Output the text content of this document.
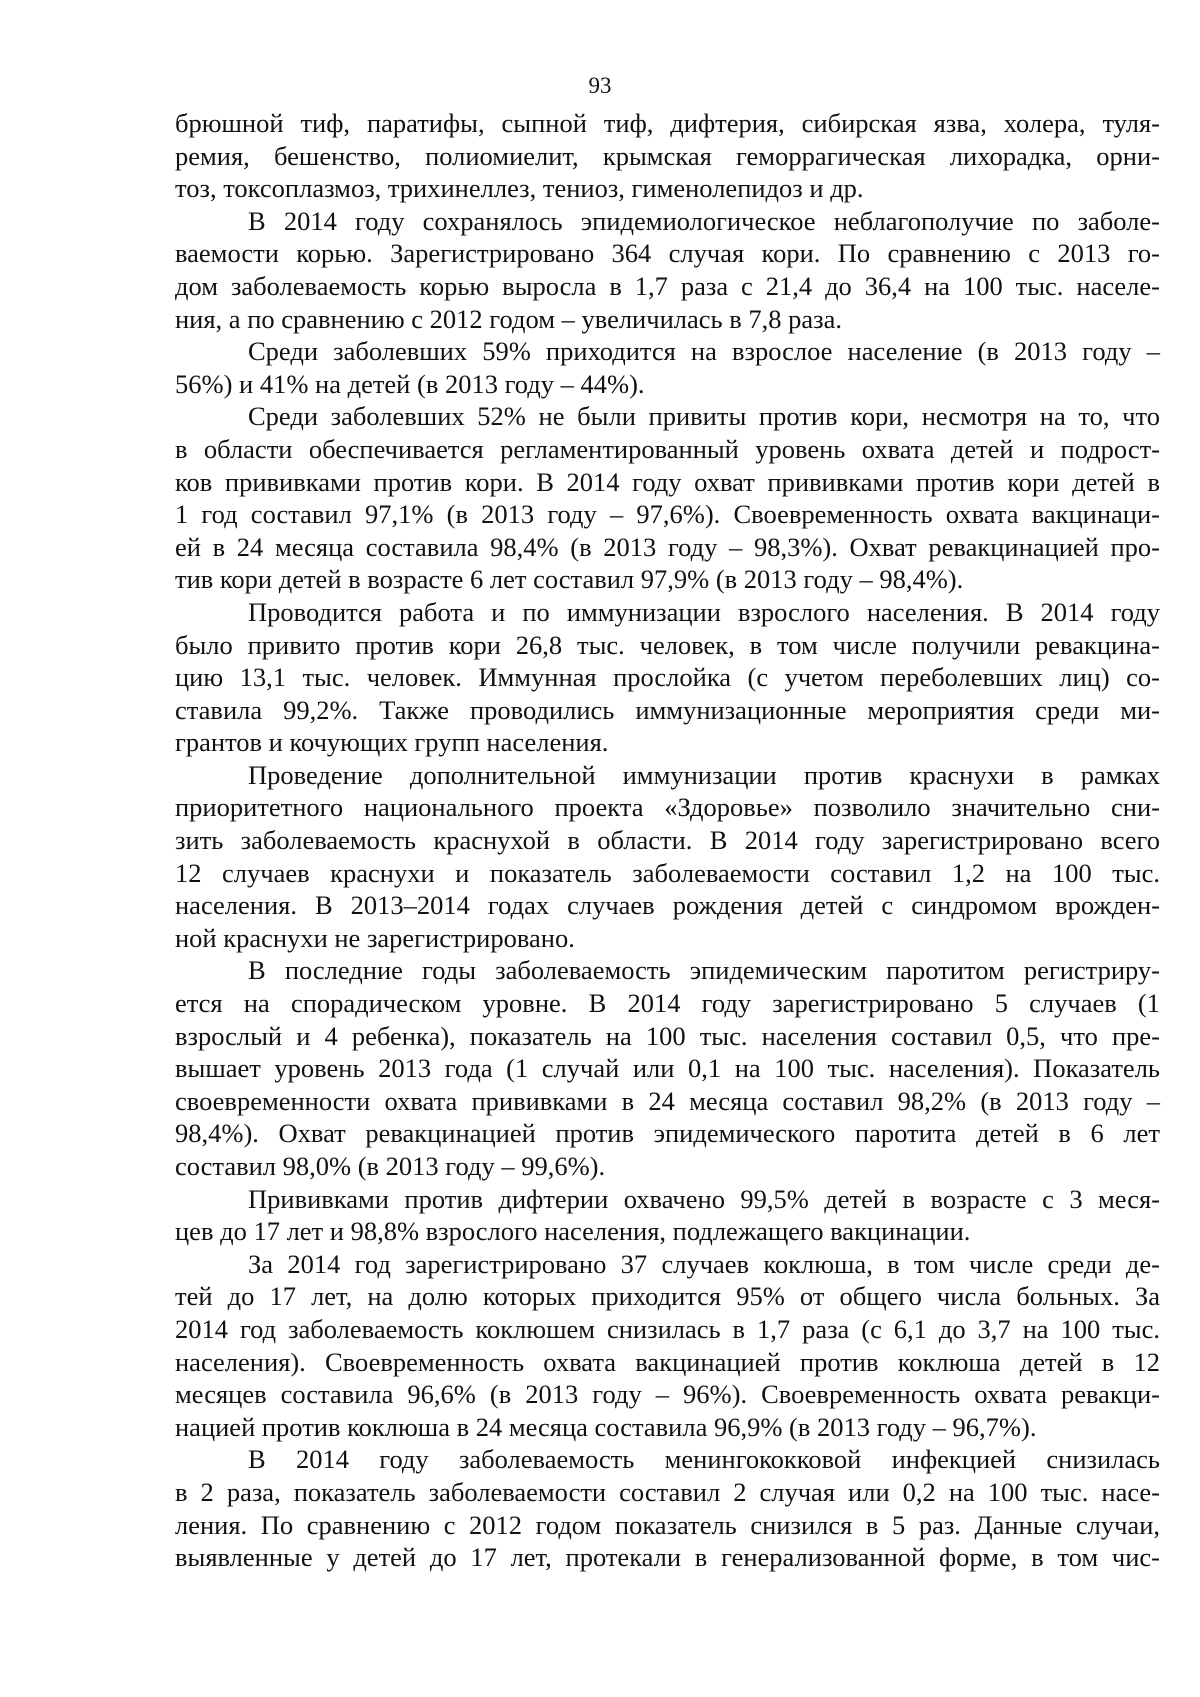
93
брюшной тиф, паратифы, сыпной тиф, дифтерия, сибирская язва, холера, туля-
ремия, бешенство, полиомиелит, крымская геморрагическая лихорадка, орни-
тоз, токсоплазмоз, трихинеллез, тениоз, гименолепидоз и др.
В 2014 году сохранялось эпидемиологическое неблагополучие по заболе-
ваемости корью. Зарегистрировано 364 случая кори. По сравнению с 2013 го-
дом заболеваемость корью выросла в 1,7 раза с 21,4 до 36,4 на 100 тыс. населе-
ния, а по сравнению с 2012 годом – увеличилась в 7,8 раза.
Среди заболевших 59% приходится на взрослое население (в 2013 году –
56%) и 41% на детей (в 2013 году – 44%).
Среди заболевших 52% не были привиты против кори, несмотря на то, что
в области обеспечивается регламентированный уровень охвата детей и подрост-
ков прививками против кори. В 2014 году охват прививками против кори детей в
1 год составил 97,1% (в 2013 году – 97,6%). Своевременность охвата вакцинаци-
ей в 24 месяца составила 98,4% (в 2013 году – 98,3%). Охват ревакцинацией про-
тив кори детей в возрасте 6 лет составил 97,9% (в 2013 году – 98,4%).
Проводится работа и по иммунизации взрослого населения. В 2014 году
было привито против кори 26,8 тыс. человек, в том числе получили ревакцина-
цию 13,1 тыс. человек. Иммунная прослойка (с учетом переболевших лиц) со-
ставила 99,2%. Также проводились иммунизационные мероприятия среди ми-
грантов и кочующих групп населения.
Проведение дополнительной иммунизации против краснухи в рамках
приоритетного национального проекта «Здоровье» позволило значительно сни-
зить заболеваемость краснухой в области. В 2014 году зарегистрировано всего
12 случаев краснухи и показатель заболеваемости составил 1,2 на 100 тыс.
населения. В 2013–2014 годах случаев рождения детей с синдромом врожден-
ной краснухи не зарегистрировано.
В последние годы заболеваемость эпидемическим паротитом регистриру-
ется на спорадическом уровне. В 2014 году зарегистрировано 5 случаев (1
взрослый и 4 ребенка), показатель на 100 тыс. населения составил 0,5, что пре-
вышает уровень 2013 года (1 случай или 0,1 на 100 тыс. населения). Показатель
своевременности охвата прививками в 24 месяца составил 98,2% (в 2013 году –
98,4%). Охват ревакцинацией против эпидемического паротита детей в 6 лет
составил 98,0% (в 2013 году – 99,6%).
Прививками против дифтерии охвачено 99,5% детей в возрасте с 3 меся-
цев до 17 лет и 98,8% взрослого населения, подлежащего вакцинации.
За 2014 год зарегистрировано 37 случаев коклюша, в том числе среди де-
тей до 17 лет, на долю которых приходится 95% от общего числа больных. За
2014 год заболеваемость коклюшем снизилась в 1,7 раза (с 6,1 до 3,7 на 100 тыс.
населения). Своевременность охвата вакцинацией против коклюша детей в 12
месяцев составила 96,6% (в 2013 году – 96%). Своевременность охвата ревакци-
нацией против коклюша в 24 месяца составила 96,9% (в 2013 году – 96,7%).
В 2014 году заболеваемость менингококковой инфекцией снизилась
в 2 раза, показатель заболеваемости составил 2 случая или 0,2 на 100 тыс. насе-
ления. По сравнению с 2012 годом показатель снизился в 5 раз. Данные случаи,
выявленные у детей до 17 лет, протекали в генерализованной форме, в том чис-
